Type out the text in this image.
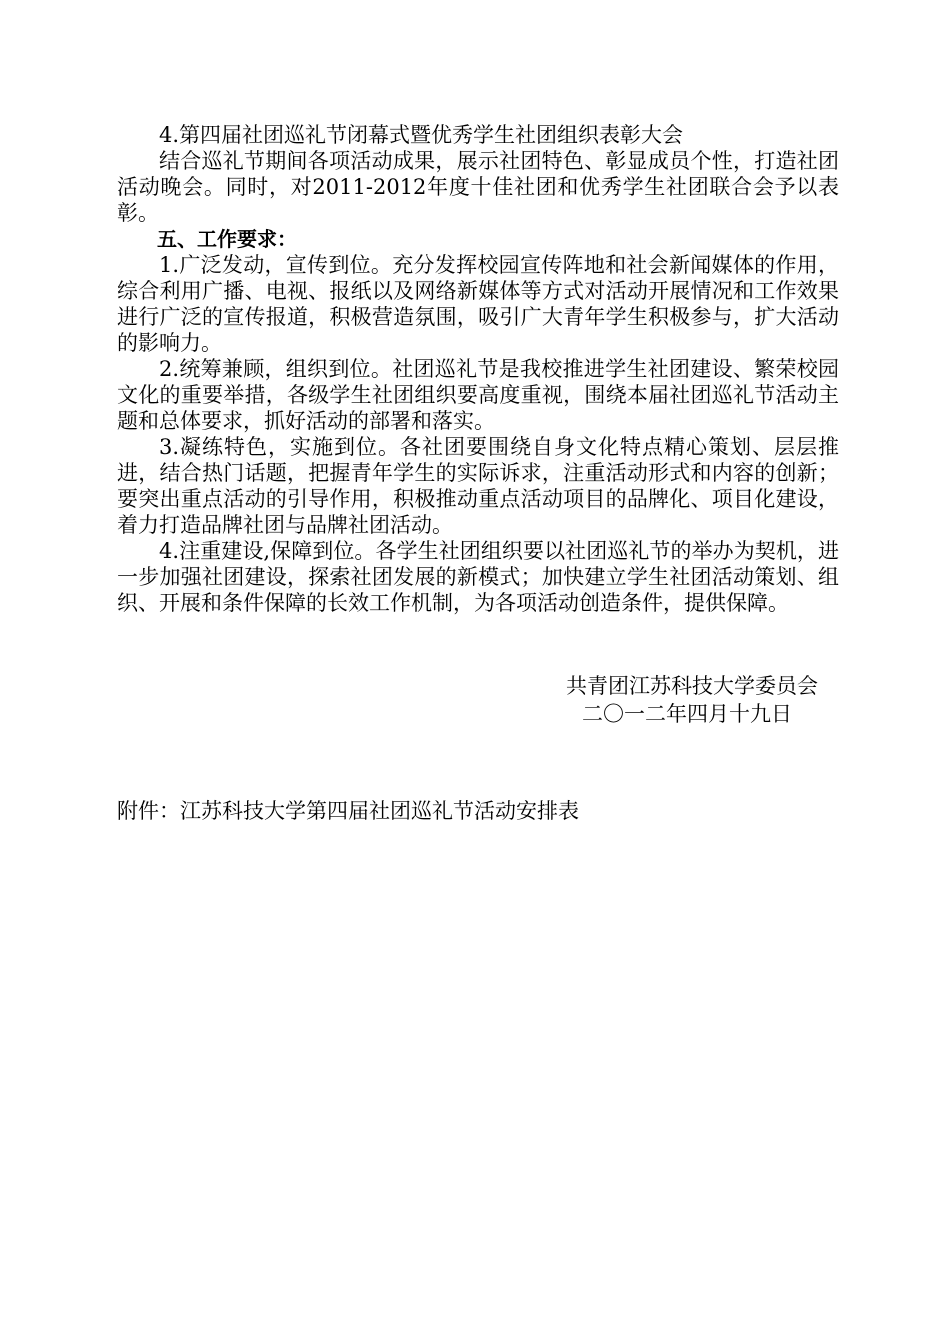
4.第四届社团巡礼节闭幕式暨优秀学生社团组织表彰大会

结合巡礼节期间各项活动成果，展示社团特色、彰显成员个性，打造社团活动晚会。同时，对2011-2012年度十佳社团和优秀学生社团联合会予以表彰。

五、工作要求：

1.广泛发动，宣传到位。充分发挥校园宣传阵地和社会新闻媒体的作用，综合利用广播、电视、报纸以及网络新媒体等方式对活动开展情况和工作效果进行广泛的宣传报道，积极营造氛围，吸引广大青年学生积极参与，扩大活动的影响力。

2.统筹兼顾，组织到位。社团巡礼节是我校推进学生社团建设、繁荣校园文化的重要举措，各级学生社团组织要高度重视，围绕本届社团巡礼节活动主题和总体要求，抓好活动的部署和落实。

3.凝练特色，实施到位。各社团要围绕自身文化特点精心策划、层层推进，结合热门话题，把握青年学生的实际诉求，注重活动形式和内容的创新；要突出重点活动的引导作用，积极推动重点活动项目的品牌化、项目化建设，着力打造品牌社团与品牌社团活动。

4.注重建设,保障到位。各学生社团组织要以社团巡礼节的举办为契机，进一步加强社团建设，探索社团发展的新模式；加快建立学生社团活动策划、组织、开展和条件保障的长效工作机制，为各项活动创造条件，提供保障。

共青团江苏科技大学委员会

二〇一二年四月十九日

附件：江苏科技大学第四届社团巡礼节活动安排表
